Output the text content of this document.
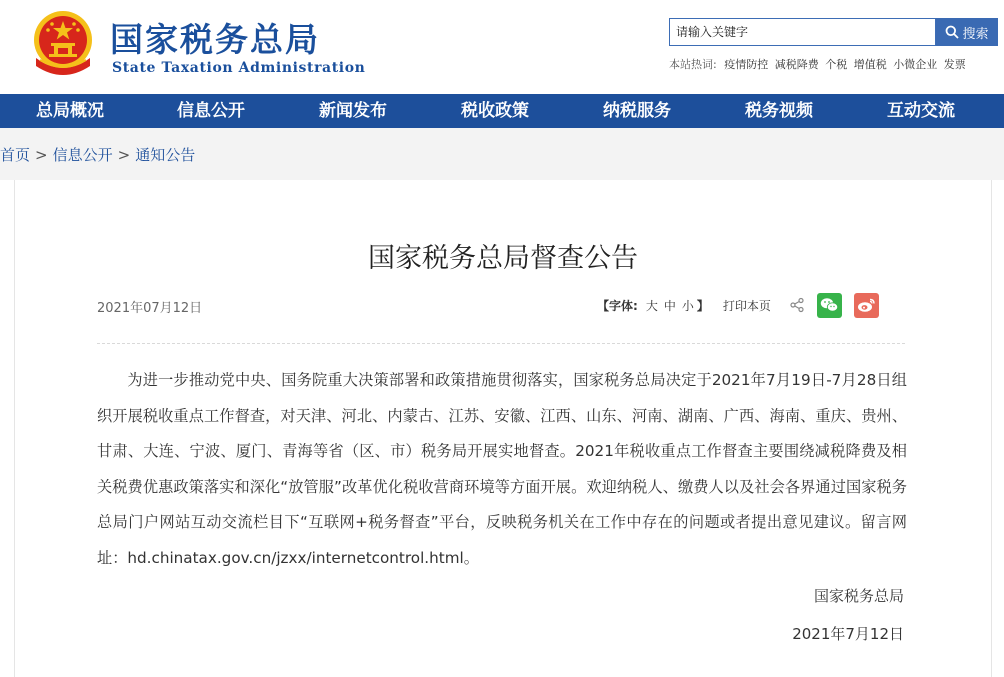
国家税务总局
State Taxation Administration
请输入关键字
搜索
本站热词: 疫情防控 减税降费 个税 增值税 小微企业 发票
总局概况	信息公开	新闻发布	税收政策	纳税服务	税务视频	互动交流
首页 > 信息公开 > 通知公告
国家税务总局督查公告
2021年07月12日	【字体: 大 中 小 】 打印本页

为进一步推动党中央、国务院重大决策部署和政策措施贯彻落实，国家税务总局决定于2021年7月19日-7月28日组织开展税收重点工作督查，对天津、河北、内蒙古、江苏、安徽、江西、山东、河南、湖南、广西、海南、重庆、贵州、甘肃、大连、宁波、厦门、青海等省（区、市）税务局开展实地督查。2021年税收重点工作督查主要围绕减税降费及相关税费优惠政策落实和深化“放管服”改革优化税收营商环境等方面开展。欢迎纳税人、缴费人以及社会各界通过国家税务总局门户网站互动交流栏目下“互联网+税务督查”平台，反映税务机关在工作中存在的问题或者提出意见建议。留言网址：hd.chinatax.gov.cn/jzxx/internetcontrol.html。

国家税务总局
2021年7月12日
